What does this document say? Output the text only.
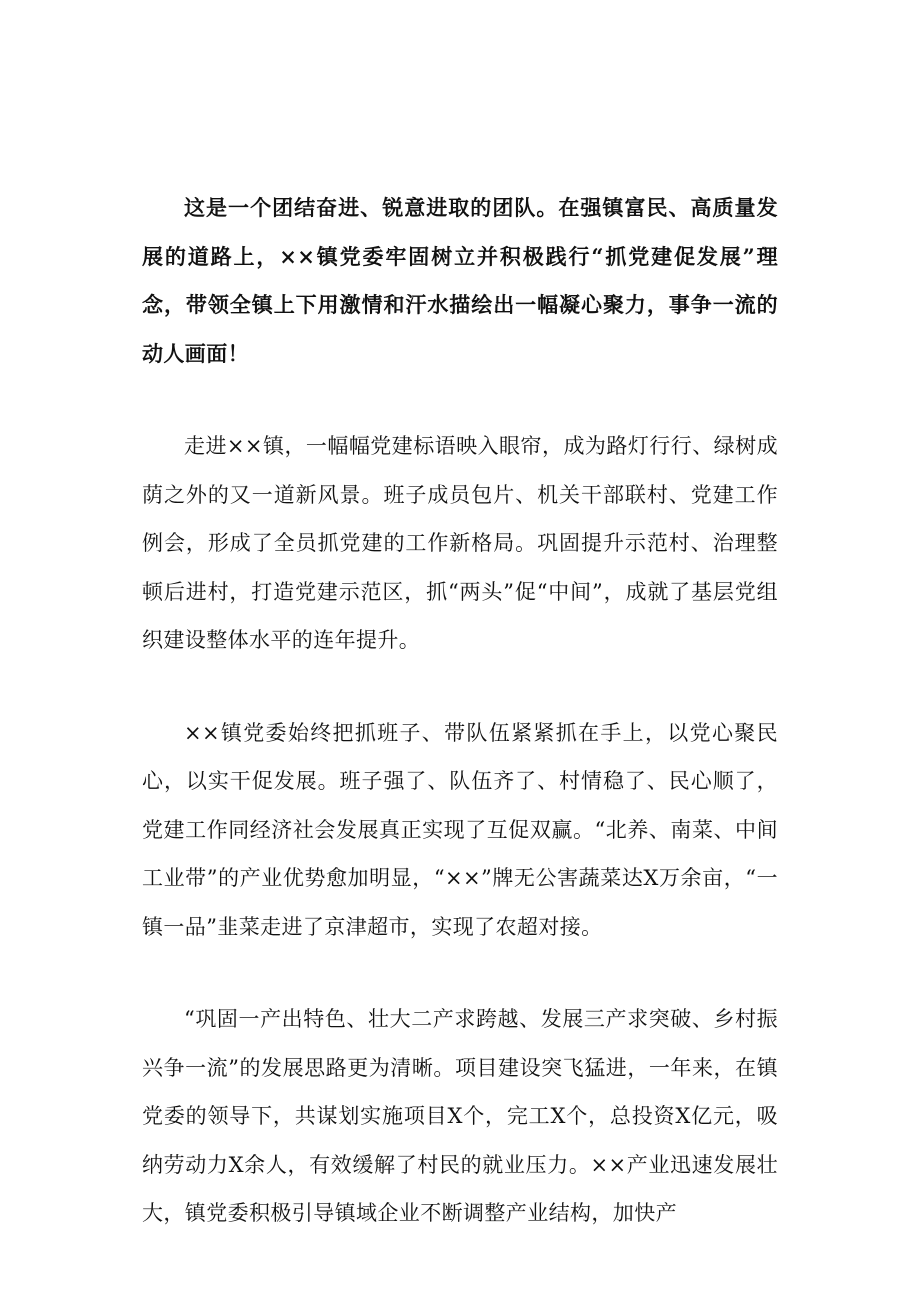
这是一个团结奋进、锐意进取的团队。在强镇富民、高质量发展的道路上，××镇党委牢固树立并积极践行“抓党建促发展”理念，带领全镇上下用激情和汗水描绘出一幅凝心聚力，事争一流的动人画面！

走进××镇，一幅幅党建标语映入眼帘，成为路灯行行、绿树成荫之外的又一道新风景。班子成员包片、机关干部联村、党建工作例会，形成了全员抓党建的工作新格局。巩固提升示范村、治理整顿后进村，打造党建示范区，抓“两头”促“中间”，成就了基层党组织建设整体水平的连年提升。

××镇党委始终把抓班子、带队伍紧紧抓在手上，以党心聚民心，以实干促发展。班子强了、队伍齐了、村情稳了、民心顺了，党建工作同经济社会发展真正实现了互促双赢。“北养、南菜、中间工业带”的产业优势愈加明显，“××”牌无公害蔬菜达X万余亩，“一镇一品”韭菜走进了京津超市，实现了农超对接。

“巩固一产出特色、壮大二产求跨越、发展三产求突破、乡村振兴争一流”的发展思路更为清晰。项目建设突飞猛进，一年来，在镇党委的领导下，共谋划实施项目X个，完工X个，总投资X亿元，吸纳劳动力X余人，有效缓解了村民的就业压力。××产业迅速发展壮大，镇党委积极引导镇域企业不断调整产业结构，加快产
